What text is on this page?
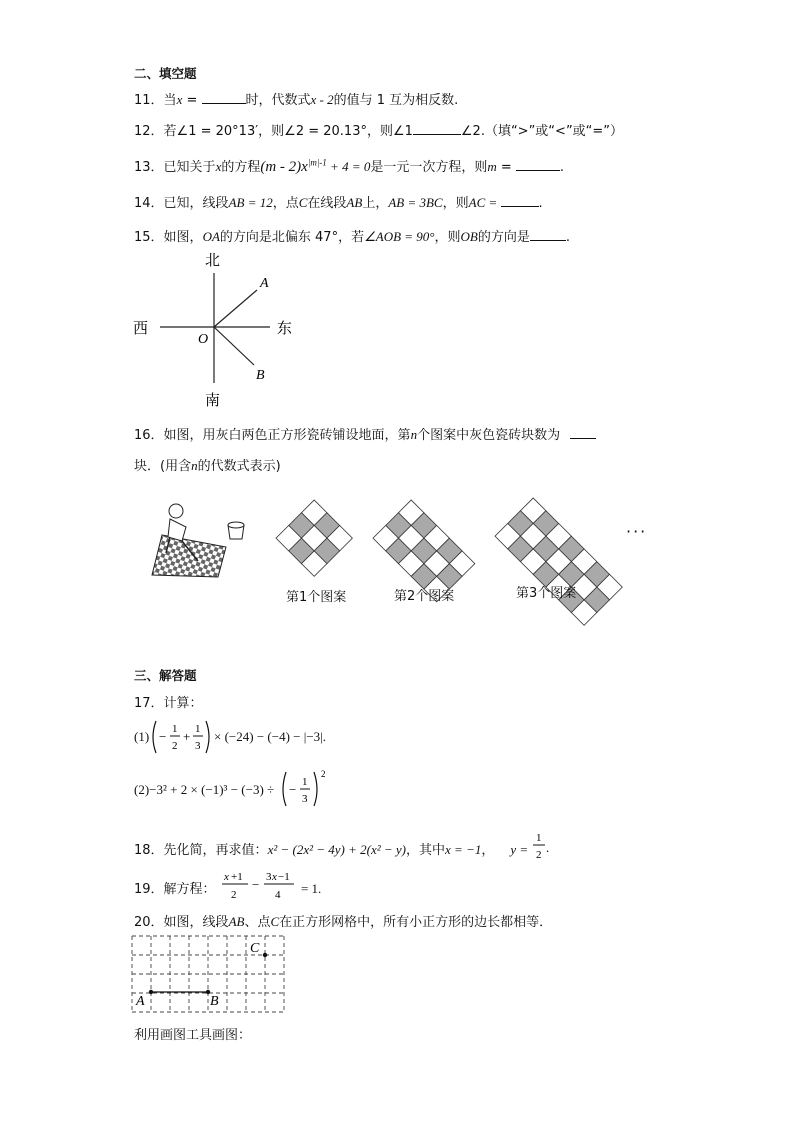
二、填空题
11．当x =	时，代数式x - 2的值与 1 互为相反数.
12．若∠1 = 20°13′，则∠2 = 20.13°，则∠1	∠2.（填“>”或“<”或“=”）
13．已知关于x的方程$(m - 2)x^{|m|-1} + 4 = 0$是一元一次方程，则m =	.
14．已知，线段AB = 12，点C在线段AB上，AB = 3BC，则AC =	.
15．如图，OA的方向是北偏东 47°，若∠AOB = 90°，则OB的方向是	.
北
南
东
西
O
A
B
16．如图，用灰白两色正方形瓷砖铺设地面，第n个图案中灰色瓷砖块数为
块．(用含n的代数式表示)
第1个图案	第2个图案	第3个图案
···
三、解答题
17．计算：
(1) − 1
2
+ 1
3
× (−24) − (−4) − |−3|.
(2)−3² + 2 × (−1)³ − (−3) ÷ − 1
3
2
18．先化简，再求值：x² − (2x² − 4y) + 2(x² − y)，其中x = −1， y =
1
2 .
19．解方程：
x +1
2
− 3 x −1
4 = 1.
20．如图，线段AB、点C在正方形网格中，所有小正方形的边长都相等．
A	B
C
利用画图工具画图：
